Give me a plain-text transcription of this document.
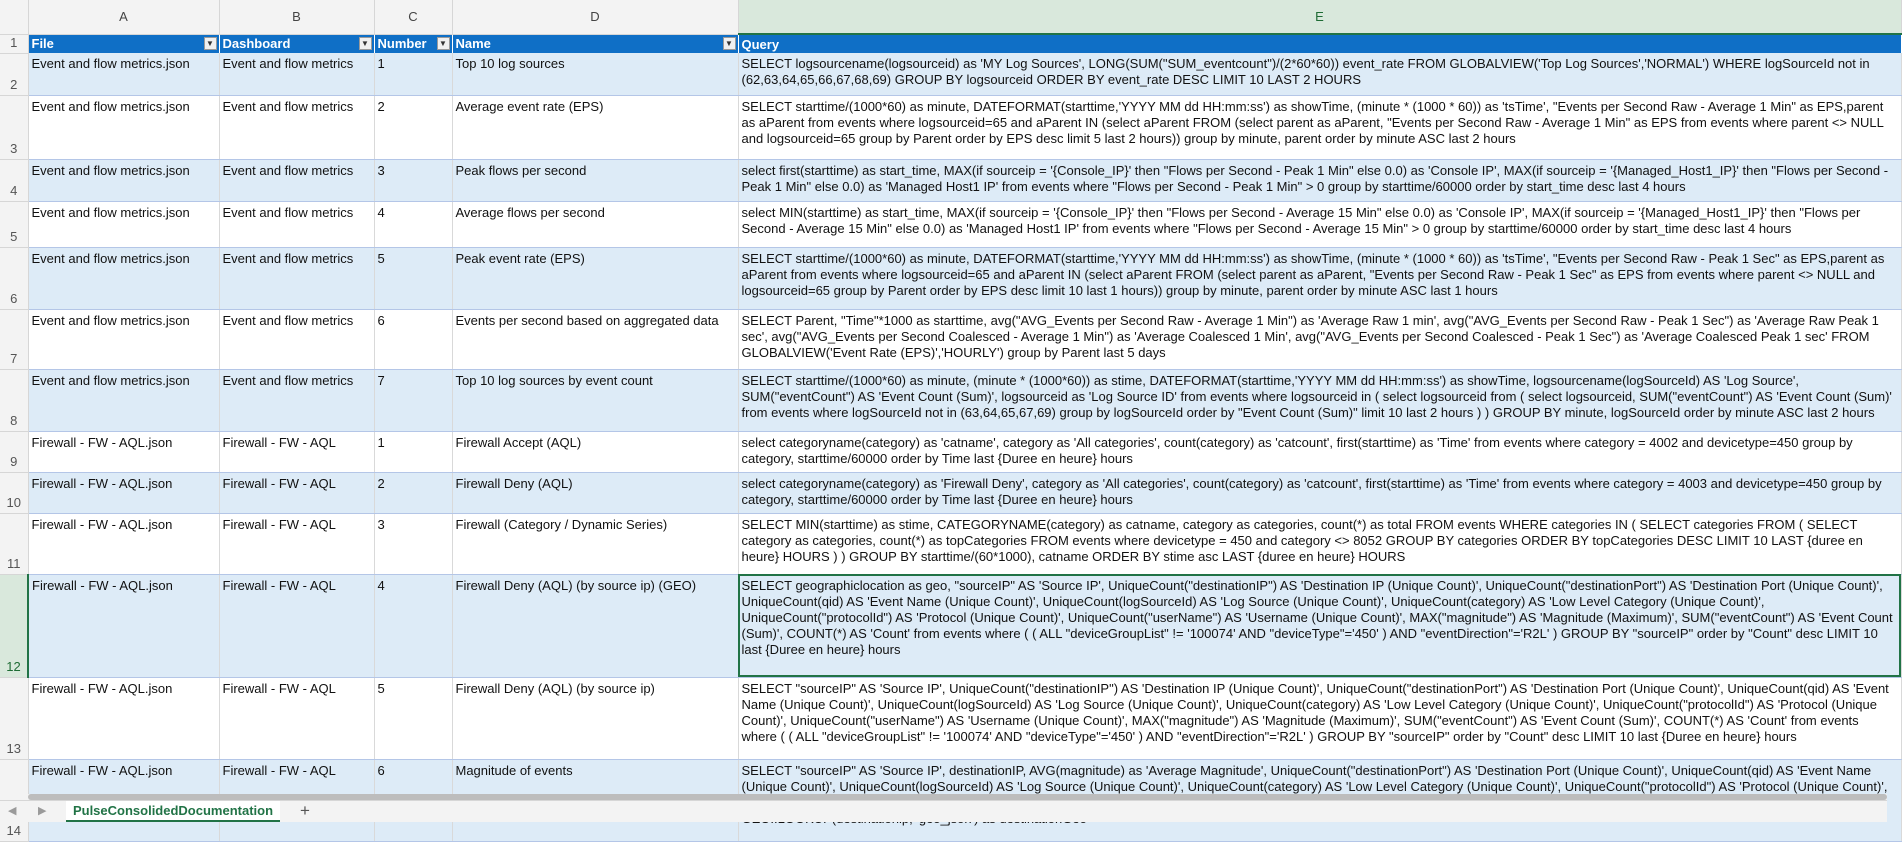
	A	B	C	D	E
1	File ▼	Dashboard ▼	Number ▼	Name ▼	Query
2	Event and flow metrics.json	Event and flow metrics	1	Top 10 log sources	SELECT logsourcename(logsourceid) as 'MY Log Sources', LONG(SUM("SUM_eventcount")/(2*60*60)) event_rate FROM GLOBALVIEW('Top Log Sources','NORMAL') WHERE logSourceId not in (62,63,64,65,66,67,68,69) GROUP BY logsourceid ORDER BY event_rate DESC LIMIT 10 LAST 2 HOURS
3	Event and flow metrics.json	Event and flow metrics	2	Average event rate (EPS)	SELECT starttime/(1000*60) as minute, DATEFORMAT(starttime,'YYYY MM dd HH:mm:ss') as showTime, (minute * (1000 * 60)) as 'tsTime', "Events per Second Raw - Average 1 Min" as EPS,parent as aParent from events where logsourceid=65 and aParent IN (select aParent FROM (select parent as aParent, "Events per Second Raw - Average 1 Min" as EPS from events where parent <> NULL and logsourceid=65 group by Parent order by EPS desc limit 5 last 2 hours)) group by minute, parent order by minute ASC last 2 hours
4	Event and flow metrics.json	Event and flow metrics	3	Peak flows per second	select first(starttime) as start_time, MAX(if sourceip = '{Console_IP}' then "Flows per Second - Peak 1 Min" else 0.0) as 'Console IP', MAX(if sourceip = '{Managed_Host1_IP}' then "Flows per Second - Peak 1 Min" else 0.0) as 'Managed Host1 IP' from events where "Flows per Second - Peak 1 Min" > 0 group by starttime/60000 order by start_time desc last 4 hours
5	Event and flow metrics.json	Event and flow metrics	4	Average flows per second	select MIN(starttime) as start_time, MAX(if sourceip = '{Console_IP}' then "Flows per Second - Average 15 Min" else 0.0) as 'Console IP', MAX(if sourceip = '{Managed_Host1_IP}' then "Flows per Second - Average 15 Min" else 0.0) as 'Managed Host1 IP' from events where "Flows per Second - Average 15 Min" > 0 group by starttime/60000 order by start_time desc last 4 hours
6	Event and flow metrics.json	Event and flow metrics	5	Peak event rate (EPS)	SELECT starttime/(1000*60) as minute, DATEFORMAT(starttime,'YYYY MM dd HH:mm:ss') as showTime, (minute * (1000 * 60)) as 'tsTime', "Events per Second Raw - Peak 1 Sec" as EPS,parent as aParent from events where logsourceid=65 and aParent IN (select aParent FROM (select parent as aParent, "Events per Second Raw - Peak 1 Sec" as EPS from events where parent <> NULL and logsourceid=65 group by Parent order by EPS desc limit 10 last 1 hours)) group by minute, parent order by minute ASC last 1 hours
7	Event and flow metrics.json	Event and flow metrics	6	Events per second based on aggregated data	SELECT Parent, "Time"*1000 as starttime, avg("AVG_Events per Second Raw - Average 1 Min") as 'Average Raw 1 min', avg("AVG_Events per Second Raw - Peak 1 Sec") as 'Average Raw Peak 1 sec', avg("AVG_Events per Second Coalesced - Average 1 Min") as 'Average Coalesced 1 Min', avg("AVG_Events per Second Coalesced - Peak 1 Sec") as 'Average Coalesced Peak 1 sec' FROM GLOBALVIEW('Event Rate (EPS)','HOURLY') group by Parent last 5 days
8	Event and flow metrics.json	Event and flow metrics	7	Top 10 log sources by event count	SELECT starttime/(1000*60) as minute, (minute * (1000*60)) as stime, DATEFORMAT(starttime,'YYYY MM dd HH:mm:ss') as showTime, logsourcename(logSourceId) AS 'Log Source', SUM("eventCount") AS 'Event Count (Sum)', logsourceid as 'Log Source ID' from events where logsourceid in ( select logsourceid from ( select logsourceid, SUM("eventCount") AS 'Event Count (Sum)' from events where logSourceId not in (63,64,65,67,69) group by logSourceId order by "Event Count (Sum)" limit 10 last 2 hours ) ) GROUP BY minute, logSourceId order by minute ASC last 2 hours
9	Firewall - FW - AQL.json	Firewall - FW - AQL	1	Firewall Accept (AQL)	select categoryname(category) as 'catname', category as 'All categories', count(category) as 'catcount', first(starttime) as 'Time' from events where category = 4002 and devicetype=450 group by category, starttime/60000 order by Time last {Duree en heure} hours
10	Firewall - FW - AQL.json	Firewall - FW - AQL	2	Firewall Deny (AQL)	select categoryname(category) as 'Firewall Deny', category as 'All categories', count(category) as 'catcount', first(starttime) as 'Time' from events where category = 4003 and devicetype=450 group by category, starttime/60000 order by Time last {Duree en heure} hours
11	Firewall - FW - AQL.json	Firewall - FW - AQL	3	Firewall (Category / Dynamic Series)	SELECT MIN(starttime) as stime, CATEGORYNAME(category) as catname, category as categories, count(*) as total FROM events WHERE categories IN ( SELECT categories FROM ( SELECT category as categories, count(*) as topCategories FROM events where devicetype = 450 and category <> 8052 GROUP BY categories ORDER BY topCategories DESC LIMIT 10 LAST {duree en heure} HOURS ) ) GROUP BY starttime/(60*1000), catname ORDER BY stime asc LAST {duree en heure} HOURS
12	Firewall - FW - AQL.json	Firewall - FW - AQL	4	Firewall Deny (AQL) (by source ip) (GEO)	SELECT geographiclocation as geo, "sourceIP" AS 'Source IP', UniqueCount("destinationIP") AS 'Destination IP (Unique Count)', UniqueCount("destinationPort") AS 'Destination Port (Unique Count)', UniqueCount(qid) AS 'Event Name (Unique Count)', UniqueCount(logSourceId) AS 'Log Source (Unique Count)', UniqueCount(category) AS 'Low Level Category (Unique Count)', UniqueCount("protocolId") AS 'Protocol (Unique Count)', UniqueCount("userName") AS 'Username (Unique Count)', MAX("magnitude") AS 'Magnitude (Maximum)', SUM("eventCount") AS 'Event Count (Sum)', COUNT(*) AS 'Count' from events where ( ( ALL "deviceGroupList" != '100074' AND "deviceType"='450' ) AND "eventDirection"='R2L' ) GROUP BY "sourceIP" order by "Count" desc LIMIT 10 last {Duree en heure} hours
13	Firewall - FW - AQL.json	Firewall - FW - AQL	5	Firewall Deny (AQL) (by source ip)	SELECT "sourceIP" AS 'Source IP', UniqueCount("destinationIP") AS 'Destination IP (Unique Count)', UniqueCount("destinationPort") AS 'Destination Port (Unique Count)', UniqueCount(qid) AS 'Event Name (Unique Count)', UniqueCount(logSourceId) AS 'Log Source (Unique Count)', UniqueCount(category) AS 'Low Level Category (Unique Count)', UniqueCount("protocolId") AS 'Protocol (Unique Count)', UniqueCount("userName") AS 'Username (Unique Count)', MAX("magnitude") AS 'Magnitude (Maximum)', SUM("eventCount") AS 'Event Count (Sum)', COUNT(*) AS 'Count' from events where ( ( ALL "deviceGroupList" != '100074' AND "deviceType"='450' ) AND "eventDirection"='R2L' ) GROUP BY "sourceIP" order by "Count" desc LIMIT 10 last {Duree en heure} hours
14	Firewall - FW - AQL.json	Firewall - FW - AQL	6	Magnitude of events	SELECT "sourceIP" AS 'Source IP', destinationIP, AVG(magnitude) as 'Average Magnitude', UniqueCount("destinationPort") AS 'Destination Port (Unique Count)', UniqueCount(qid) AS 'Event Name (Unique Count)', UniqueCount(logSourceId) AS 'Log Source (Unique Count)', UniqueCount(category) AS 'Low Level Category (Unique Count)', UniqueCount("protocolId") AS 'Protocol (Unique Count)',
◀ ▶	PulseConsolidedDocumentation	+
